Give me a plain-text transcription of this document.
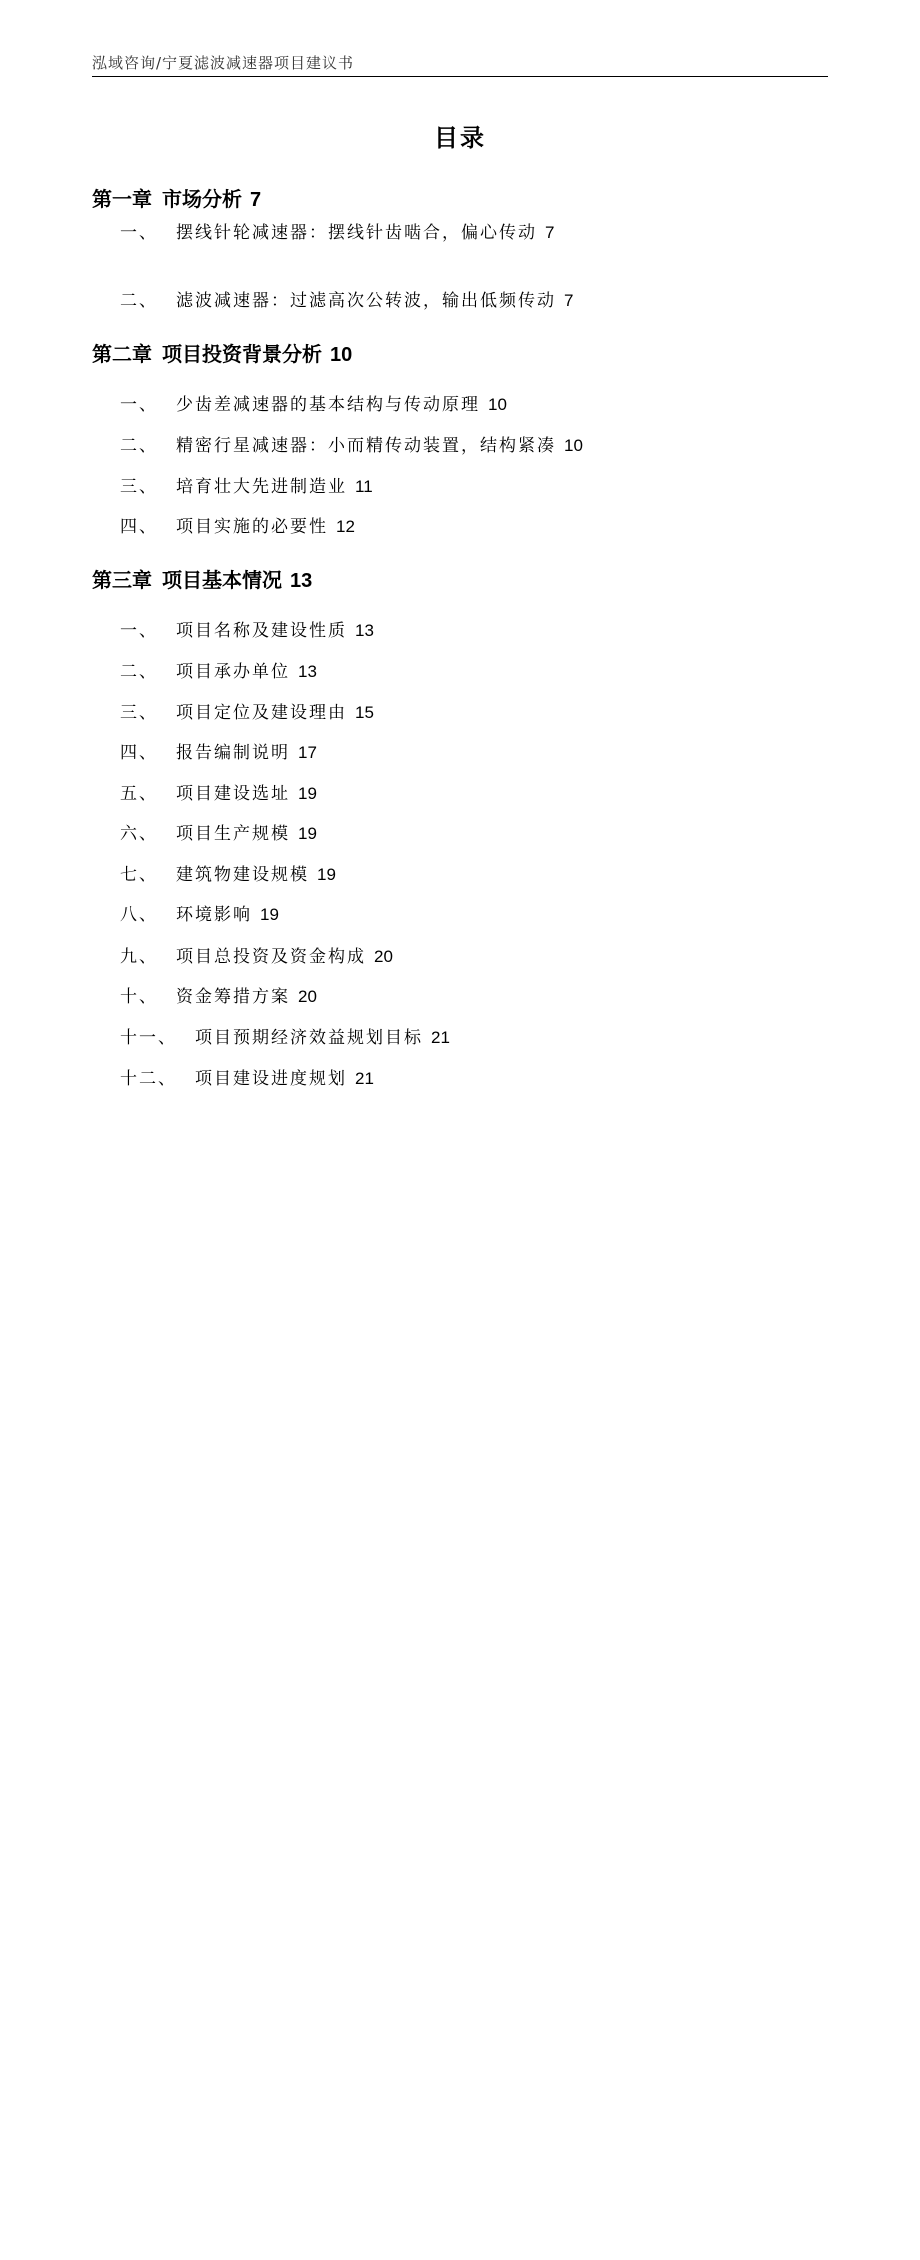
泓域咨询/宁夏滤波减速器项目建议书
目录
第一章 市场分析 7
一、 摆线针轮减速器：摆线针齿啮合，偏心传动 7
二、 滤波减速器：过滤高次公转波，输出低频传动 7
第二章 项目投资背景分析 10
一、 少齿差减速器的基本结构与传动原理 10
二、 精密行星减速器：小而精传动装置，结构紧凑 10
三、 培育壮大先进制造业 11
四、 项目实施的必要性 12
第三章 项目基本情况 13
一、 项目名称及建设性质 13
二、 项目承办单位 13
三、 项目定位及建设理由 15
四、 报告编制说明 17
五、 项目建设选址 19
六、 项目生产规模 19
七、 建筑物建设规模 19
八、 环境影响 19
九、 项目总投资及资金构成 20
十、 资金筹措方案 20
十一、 项目预期经济效益规划目标 21
十二、 项目建设进度规划 21
